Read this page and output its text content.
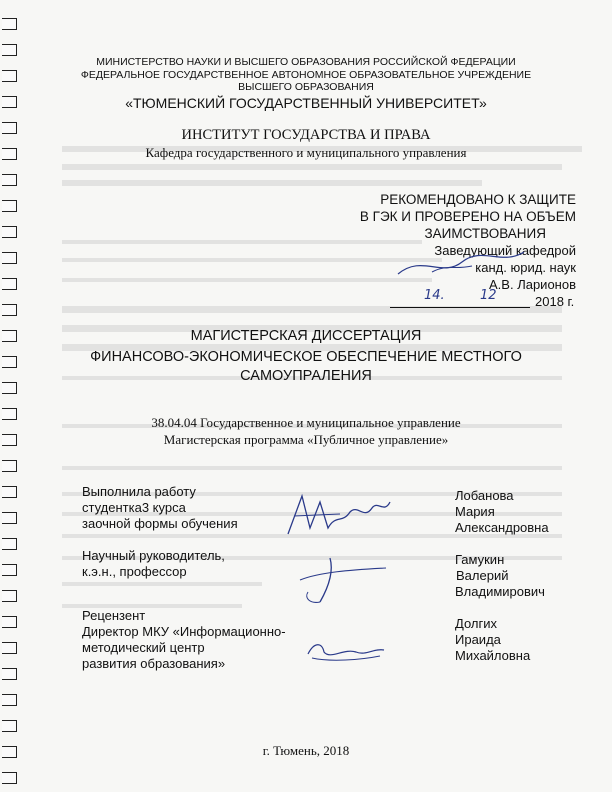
МИНИСТЕРСТВО НАУКИ И ВЫСШЕГО ОБРАЗОВАНИЯ РОССИЙСКОЙ ФЕДЕРАЦИИ
ФЕДЕРАЛЬНОЕ ГОСУДАРСТВЕННОЕ АВТОНОМНОЕ ОБРАЗОВАТЕЛЬНОЕ УЧРЕЖДЕНИЕ
ВЫСШЕГО ОБРАЗОВАНИЯ
«ТЮМЕНСКИЙ ГОСУДАРСТВЕННЫЙ УНИВЕРСИТЕТ»
ИНСТИТУТ ГОСУДАРСТВА И ПРАВА
Кафедра государственного и муниципального управления
РЕКОМЕНДОВАНО К ЗАЩИТЕ
В ГЭК И ПРОВЕРЕНО НА ОБЪЕМ
ЗАИМСТВОВАНИЯ
Заведующий кафедрой
канд. юрид. наук
А.В. Ларионов
14.	12	2018 г.
МАГИСТЕРСКАЯ ДИССЕРТАЦИЯ
ФИНАНСОВО-ЭКОНОМИЧЕСКОЕ ОБЕСПЕЧЕНИЕ МЕСТНОГО
САМОУПРАЛЕНИЯ
38.04.04 Государственное и муниципальное управление
Магистерская программа «Публичное управление»
Выполнила работу
студентка3 курса
заочной формы обучения
Лобанова
Мария
Александровна
Научный руководитель,
к.э.н., профессор
Гамукин
Валерий
Владимирович
Рецензент
Директор МКУ «Информационно-
методический центр
развития образования»
Долгих
Ираида
Михайловна
г. Тюмень, 2018
